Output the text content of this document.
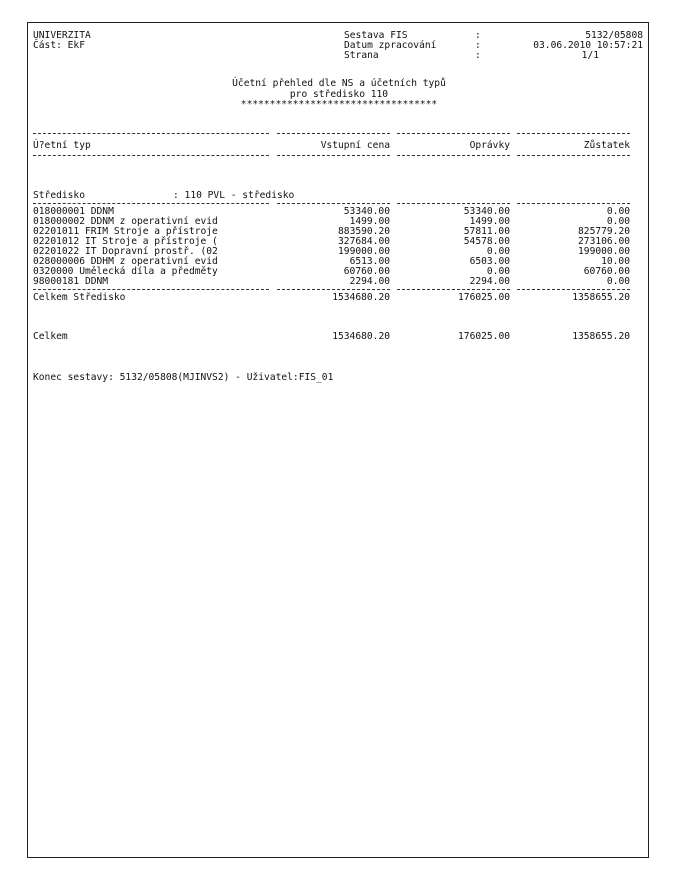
UNIVERZITA
Část: EkF
Sestava FIS	:	5132/05808
Datum zpracování	:	03.06.2010 10:57:21
Strana	:	1/1
Účetní přehled dle NS a účetních typů
pro středisko 110
**********************************
Ú?etní typ	Vstupní cena	Oprávky	Zůstatek
Středisko	: 110 PVL - středisko
018000001 DDNM	53340.00	53340.00	0.00
018000002 DDNM z operativní evid	1499.00	1499.00	0.00
02201011 FRIM Stroje a přístroje	883590.20	57811.00	825779.20
02201012 IT Stroje a přístroje (	327684.00	54578.00	273106.00
02201022 IT Dopravní prostř. (02	199000.00	0.00	199000.00
028000006 DDHM z operativní evid	6513.00	6503.00	10.00
0320000 Umělecká díla a předměty	60760.00	0.00	60760.00
98000181 DDNM	2294.00	2294.00	0.00
Celkem Středisko	1534680.20	176025.00	1358655.20
Celkem	1534680.20	176025.00	1358655.20
Konec sestavy: 5132/05808(MJINVS2) - Uživatel:FIS_01
